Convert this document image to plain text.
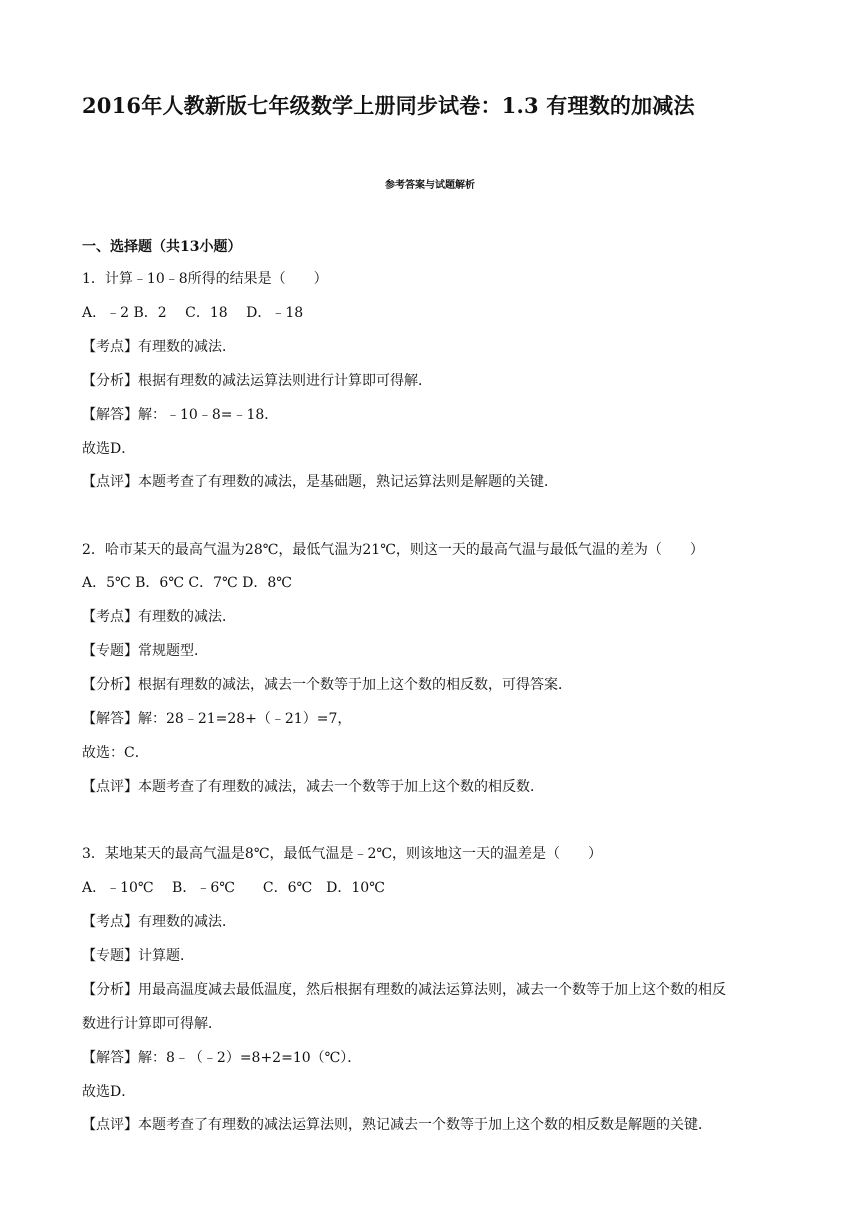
2016年人教新版七年级数学上册同步试卷：1.3 有理数的加减法
参考答案与试题解析
一、选择题（共13小题）
1．计算﹣10﹣8所得的结果是（　　）
A．﹣2 B．2　 C．18　 D．﹣18
【考点】有理数的减法．
【分析】根据有理数的减法运算法则进行计算即可得解．
【解答】解：﹣10﹣8=﹣18．
故选D．
【点评】本题考查了有理数的减法，是基础题，熟记运算法则是解题的关键．
2．哈市某天的最高气温为28℃，最低气温为21℃，则这一天的最高气温与最低气温的差为（　　）
A．5℃ B．6℃ C．7℃ D．8℃
【考点】有理数的减法．
【专题】常规题型．
【分析】根据有理数的减法，减去一个数等于加上这个数的相反数，可得答案．
【解答】解：28﹣21=28+（﹣21）=7，
故选：C．
【点评】本题考查了有理数的减法，减去一个数等于加上这个数的相反数．
3．某地某天的最高气温是8℃，最低气温是﹣2℃，则该地这一天的温差是（　　）
A．﹣10℃　 B．﹣6℃　　C．6℃　D．10℃
【考点】有理数的减法．
【专题】计算题．
【分析】用最高温度减去最低温度，然后根据有理数的减法运算法则，减去一个数等于加上这个数的相反
数进行计算即可得解．
【解答】解：8﹣（﹣2）=8+2=10（℃）．
故选D．
【点评】本题考查了有理数的减法运算法则，熟记减去一个数等于加上这个数的相反数是解题的关键．
